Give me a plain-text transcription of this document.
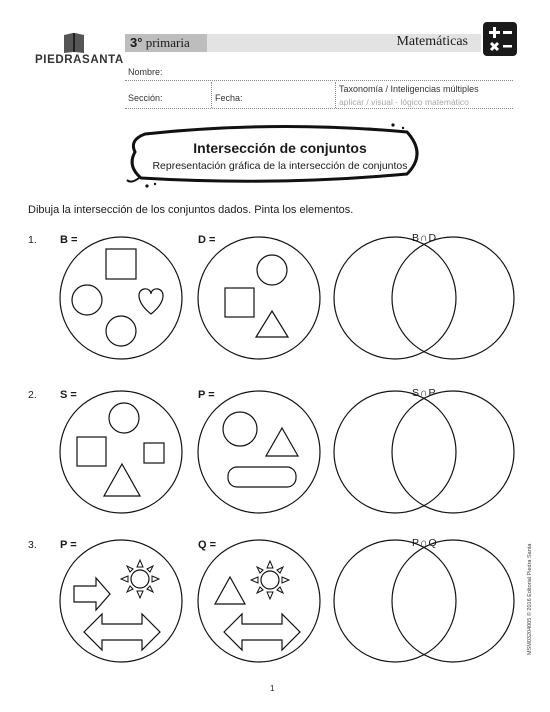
PIEDRASANTA
3° primaria	Matemáticas
Nombre:
Sección:	Fecha:
Taxonomía / Inteligencias múltiples
aplicar / visual - lógico matemático
Intersección de conjuntos
Representación gráfica de la intersección de conjuntos
Dibuja la intersección de los conjuntos dados. Pinta los elementos.
1. B =	D =	B∩D
2. S =	P =	S∩P
3. P =	Q =	P∩Q
1
MSM03204005 © 2016 Editorial Piedra Santa
